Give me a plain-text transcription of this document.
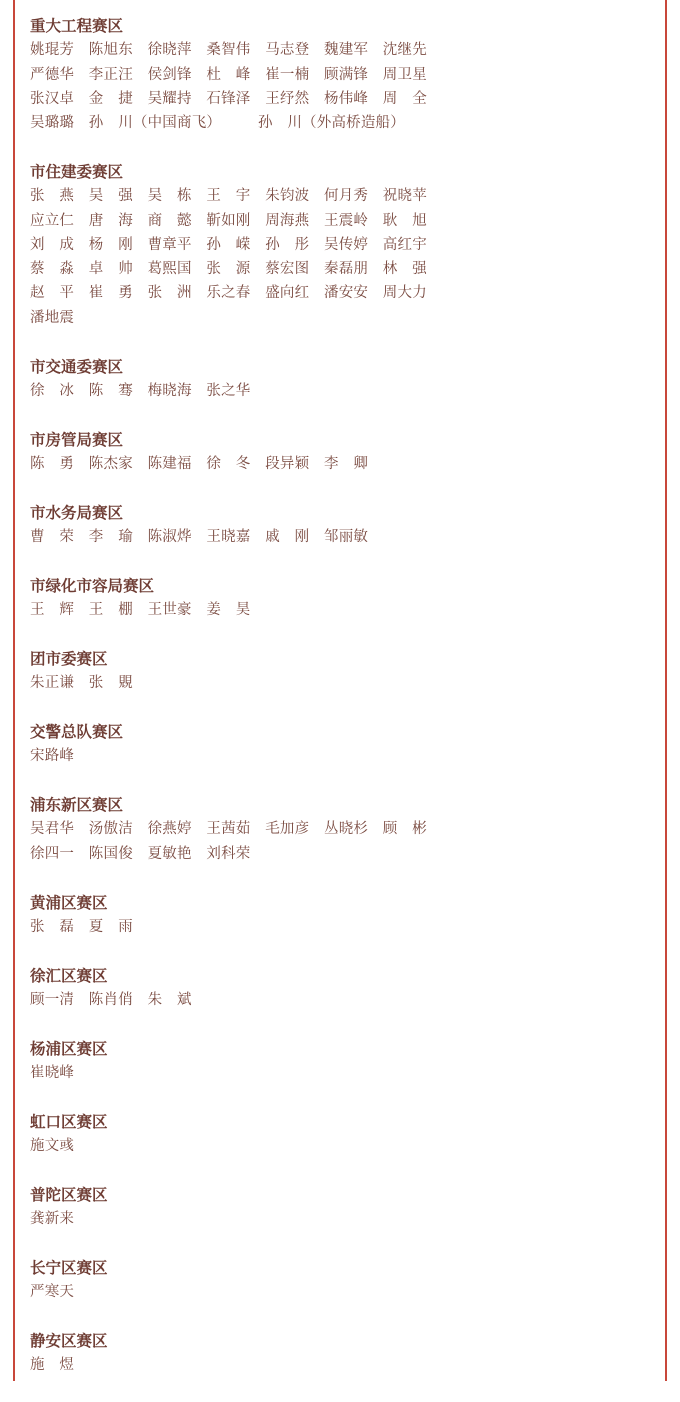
重大工程赛区
姚琨芳　陈旭东　徐晓萍　桑智伟　马志登　魏建军　沈继先
严德华　李正汪　侯剑锋　杜　峰　崔一楠　顾满锋　周卫星
张汉卓　金　捷　吴耀持　石锋泽　王纾然　杨伟峰　周　全
吴璐璐　孙　川（中国商飞）　　　孙　川（外高桥造船）
市住建委赛区
张　燕　吴　强　吴　栋　王　宇　朱钧波　何月秀　祝晓苹
应立仁　唐　海　商　懿　靳如刚　周海燕　王震岭　耿　旭
刘　成　杨　刚　曹章平　孙　嵘　孙　彤　吴传婷　高红宇
蔡　淼　卓　帅　葛熙国　张　源　蔡宏图　秦磊朋　林　强
赵　平　崔　勇　张　洲　乐之春　盛向红　潘安安　周大力
潘地震
市交通委赛区
徐　冰　陈　骞　梅晓海　张之华
市房管局赛区
陈　勇　陈杰家　陈建福　徐　冬　段异颖　李　卿
市水务局赛区
曹　荣　李　瑜　陈淑烨　王晓嘉　戚　刚　邹丽敏
市绿化市容局赛区
王　辉　王　棚　王世豪　姜　昊
团市委赛区
朱正谦　张　覞
交警总队赛区
宋路峰
浦东新区赛区
吴君华　汤傲洁　徐燕婷　王茜茹　毛加彦　丛晓杉　顾　彬
徐四一　陈国俊　夏敏艳　刘科荣
黄浦区赛区
张　磊　夏　雨
徐汇区赛区
顾一清　陈肖俏　朱　斌
杨浦区赛区
崔晓峰
虹口区赛区
施文彧
普陀区赛区
龚新来
长宁区赛区
严寒天
静安区赛区
施　煜
